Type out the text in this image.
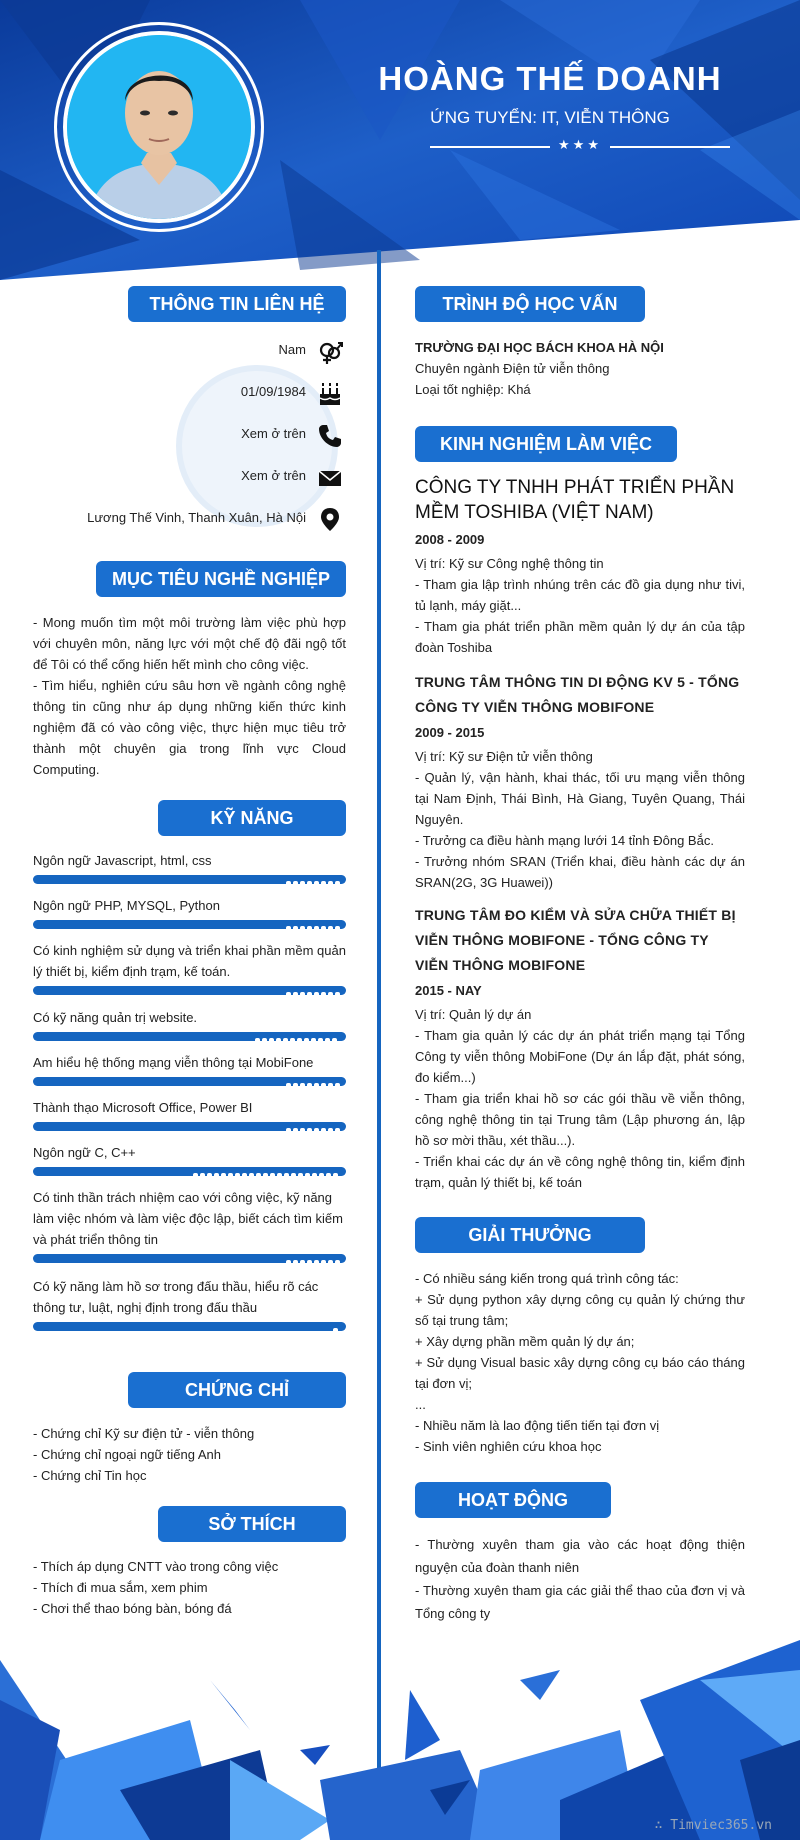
HOÀNG THẾ DOANH
ỨNG TUYỂN: IT, VIỄN THÔNG
★★★
THÔNG TIN LIÊN HỆ
Nam
01/09/1984
Xem ở trên
Xem ở trên
Lương Thế Vinh, Thanh Xuân, Hà Nội
MỤC TIÊU NGHỀ NGHIỆP

- Mong muốn tìm một môi trường làm việc phù hợp với chuyên môn, năng lực với một chế độ đãi ngộ tốt để Tôi có thể cống hiến hết mình cho công việc.

- Tìm hiểu, nghiên cứu sâu hơn về ngành công nghệ thông tin cũng như áp dụng những kiến thức kinh nghiệm đã có vào công việc, thực hiện mục tiêu trở thành một chuyên gia trong lĩnh vực Cloud Computing.

KỸ NĂNG
Ngôn ngữ Javascript, html, css
Ngôn ngữ PHP, MYSQL, Python
Có kinh nghiệm sử dụng và triển khai phần mềm quản lý thiết bị, kiểm định trạm, kế toán.
Có kỹ năng quản trị website.
Am hiểu hệ thống mạng viễn thông tại MobiFone
Thành thạo Microsoft Office, Power BI
Ngôn ngữ C, C++
Có tinh thần trách nhiệm cao với công việc, kỹ năng làm việc nhóm và làm việc độc lập, biết cách tìm kiếm và phát triển thông tin
Có kỹ năng làm hồ sơ trong đấu thầu, hiểu rõ các thông tư, luật, nghị định trong đấu thầu
CHỨNG CHỈ
- Chứng chỉ Kỹ sư điện tử - viễn thông
- Chứng chỉ ngoại ngữ tiếng Anh
- Chứng chỉ Tin học
SỞ THÍCH
- Thích áp dụng CNTT vào trong công việc
- Thích đi mua sắm, xem phim
- Chơi thể thao bóng bàn, bóng đá
TRÌNH ĐỘ HỌC VẤN
TRƯỜNG ĐẠI HỌC BÁCH KHOA HÀ NỘI
Chuyên ngành Điện tử viễn thông
Loại tốt nghiệp: Khá
KINH NGHIỆM LÀM VIỆC
CÔNG TY TNHH PHÁT TRIỂN PHẦN MỀM TOSHIBA (VIỆT NAM)
2008 - 2009

Vị trí: Kỹ sư Công nghệ thông tin

- Tham gia lập trình nhúng trên các đồ gia dụng như tivi, tủ lạnh, máy giặt...

- Tham gia phát triển phần mềm quản lý dự án của tập đoàn Toshiba

TRUNG TÂM THÔNG TIN DI ĐỘNG KV 5 - TỔNG CÔNG TY VIỄN THÔNG MOBIFONE
2009 - 2015

Vị trí: Kỹ sư Điện tử viễn thông

- Quản lý, vận hành, khai thác, tối ưu mạng viễn thông tại Nam Định, Thái Bình, Hà Giang, Tuyên Quang, Thái Nguyên.

- Trưởng ca điều hành mạng lưới 14 tỉnh Đông Bắc.

- Trưởng nhóm SRAN (Triển khai, điều hành các dự án SRAN(2G, 3G Huawei))

TRUNG TÂM ĐO KIỂM VÀ SỬA CHỮA THIẾT BỊ VIỄN THÔNG MOBIFONE - TỔNG CÔNG TY VIỄN THÔNG MOBIFONE
2015 - NAY

Vị trí: Quản lý dự án

- Tham gia quản lý các dự án phát triển mạng tại Tổng Công ty viễn thông MobiFone (Dự án lắp đặt, phát sóng, đo kiểm...)

- Tham gia triển khai hồ sơ các gói thầu về viễn thông, công nghệ thông tin tại Trung tâm (Lập phương án, lập hồ sơ mời thầu, xét thầu...).

- Triển khai các dự án về công nghệ thông tin, kiểm định trạm, quản lý thiết bị, kế toán

GIẢI THƯỞNG

- Có nhiều sáng kiến trong quá trình công tác:

+ Sử dụng python xây dựng công cụ quản lý chứng thư số tại trung tâm;

+ Xây dựng phần mềm quản lý dự án;

+ Sử dụng Visual basic xây dựng công cụ báo cáo tháng tại đơn vị;

...

- Nhiều năm là lao động tiến tiến tại đơn vị

- Sinh viên nghiên cứu khoa học

HOẠT ĐỘNG

- Thường xuyên tham gia vào các hoạt động thiện nguyện của đoàn thanh niên

- Thường xuyên tham gia các giải thể thao của đơn vị và Tổng công ty

∴ Timviec365.vn
